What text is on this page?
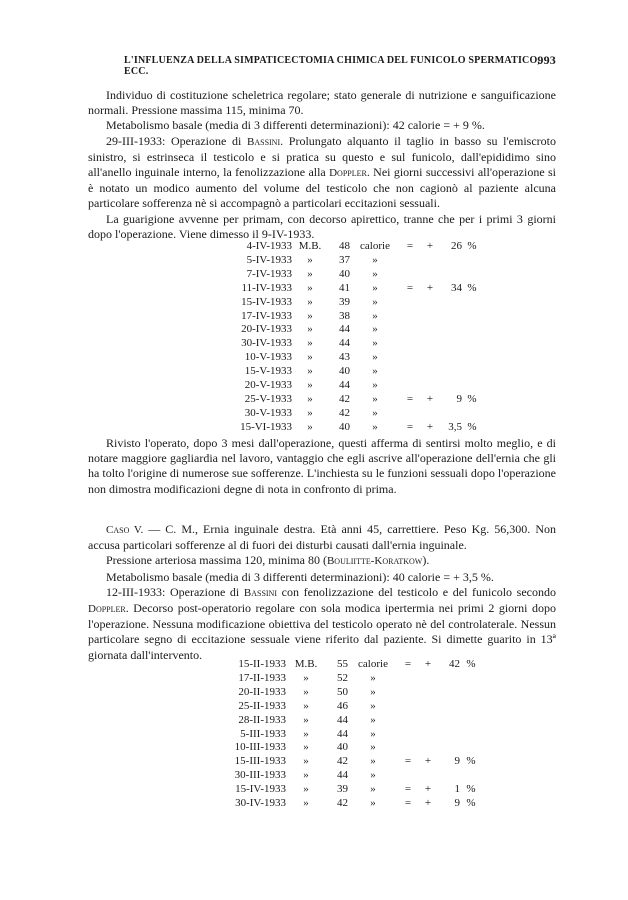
L'INFLUENZA DELLA SIMPATICECTOMIA CHIMICA DEL FUNICOLO SPERMATICO, ECC.
993

Individuo di costituzione scheletrica regolare; stato generale di nutrizione e sanguificazione normali. Pressione massima 115, minima 70.

Metabolismo basale (media di 3 differenti determinazioni): 42 calorie = + 9 %.

29-III-1933: Operazione di Bassini. Prolungato alquanto il taglio in basso su l'emiscroto sinistro, si estrinseca il testicolo e si pratica su questo e sul funicolo, dall'epididimo sino all'anello inguinale interno, la fenolizzazione alla Doppler. Nei giorni successivi all'operazione si è notato un modico aumento del volume del testicolo che non cagionò al paziente alcuna particolare sofferenza nè si accompagnò a particolari eccitazioni sessuali.

La guarigione avvenne per primam, con decorso apirettico, tranne che per i primi 3 giorni dopo l'operazione. Viene dimesso il 9-IV-1933.

4-IV-1933	M.B.	48	calorie	=	+	26	%
5-IV-1933	»	37	»				
7-IV-1933	»	40	»				
11-IV-1933	»	41	»	=	+	34	%
15-IV-1933	»	39	»				
17-IV-1933	»	38	»				
20-IV-1933	»	44	»				
30-IV-1933	»	44	»				
10-V-1933	»	43	»				
15-V-1933	»	40	»				
20-V-1933	»	44	»				
25-V-1933	»	42	»	=	+	9	%
30-V-1933	»	42	»				
15-VI-1933	»	40	»	=	+	3,5	%

Rivisto l'operato, dopo 3 mesi dall'operazione, questi afferma di sentirsi molto meglio, e di notare maggiore gagliardia nel lavoro, vantaggio che egli ascrive all'operazione dell'ernia che gli ha tolto l'origine di numerose sue sofferenze. L'inchiesta su le funzioni sessuali dopo l'operazione non dimostra modificazioni degne di nota in confronto di prima.

Caso V. — C. M., Ernia inguinale destra. Età anni 45, carrettiere. Peso Kg. 56,300. Non accusa particolari sofferenze al di fuori dei disturbi causati dall'ernia inguinale.

Pressione arteriosa massima 120, minima 80 (Bouliitte-Koratkow).

Metabolismo basale (media di 3 differenti determinazioni): 40 calorie = + 3,5 %.

12-III-1933: Operazione di Bassini con fenolizzazione del testicolo e del funicolo secondo Doppler. Decorso post-operatorio regolare con sola modica ipertermia nei primi 2 giorni dopo l'operazione. Nessuna modificazione obiettiva del testicolo operato nè del controlaterale. Nessun particolare segno di eccitazione sessuale viene riferito dal paziente. Si dimette guarito in 13ª giornata dall'intervento.

15-II-1933	M.B.	55	calorie	=	+	42	%
17-II-1933	»	52	»				
20-II-1933	»	50	»				
25-II-1933	»	46	»				
28-II-1933	»	44	»				
5-III-1933	»	44	»				
10-III-1933	»	40	»				
15-III-1933	»	42	»	=	+	9	%
30-III-1933	»	44	»				
15-IV-1933	»	39	»	=	+	1	%
30-IV-1933	»	42	»	=	+	9	%
